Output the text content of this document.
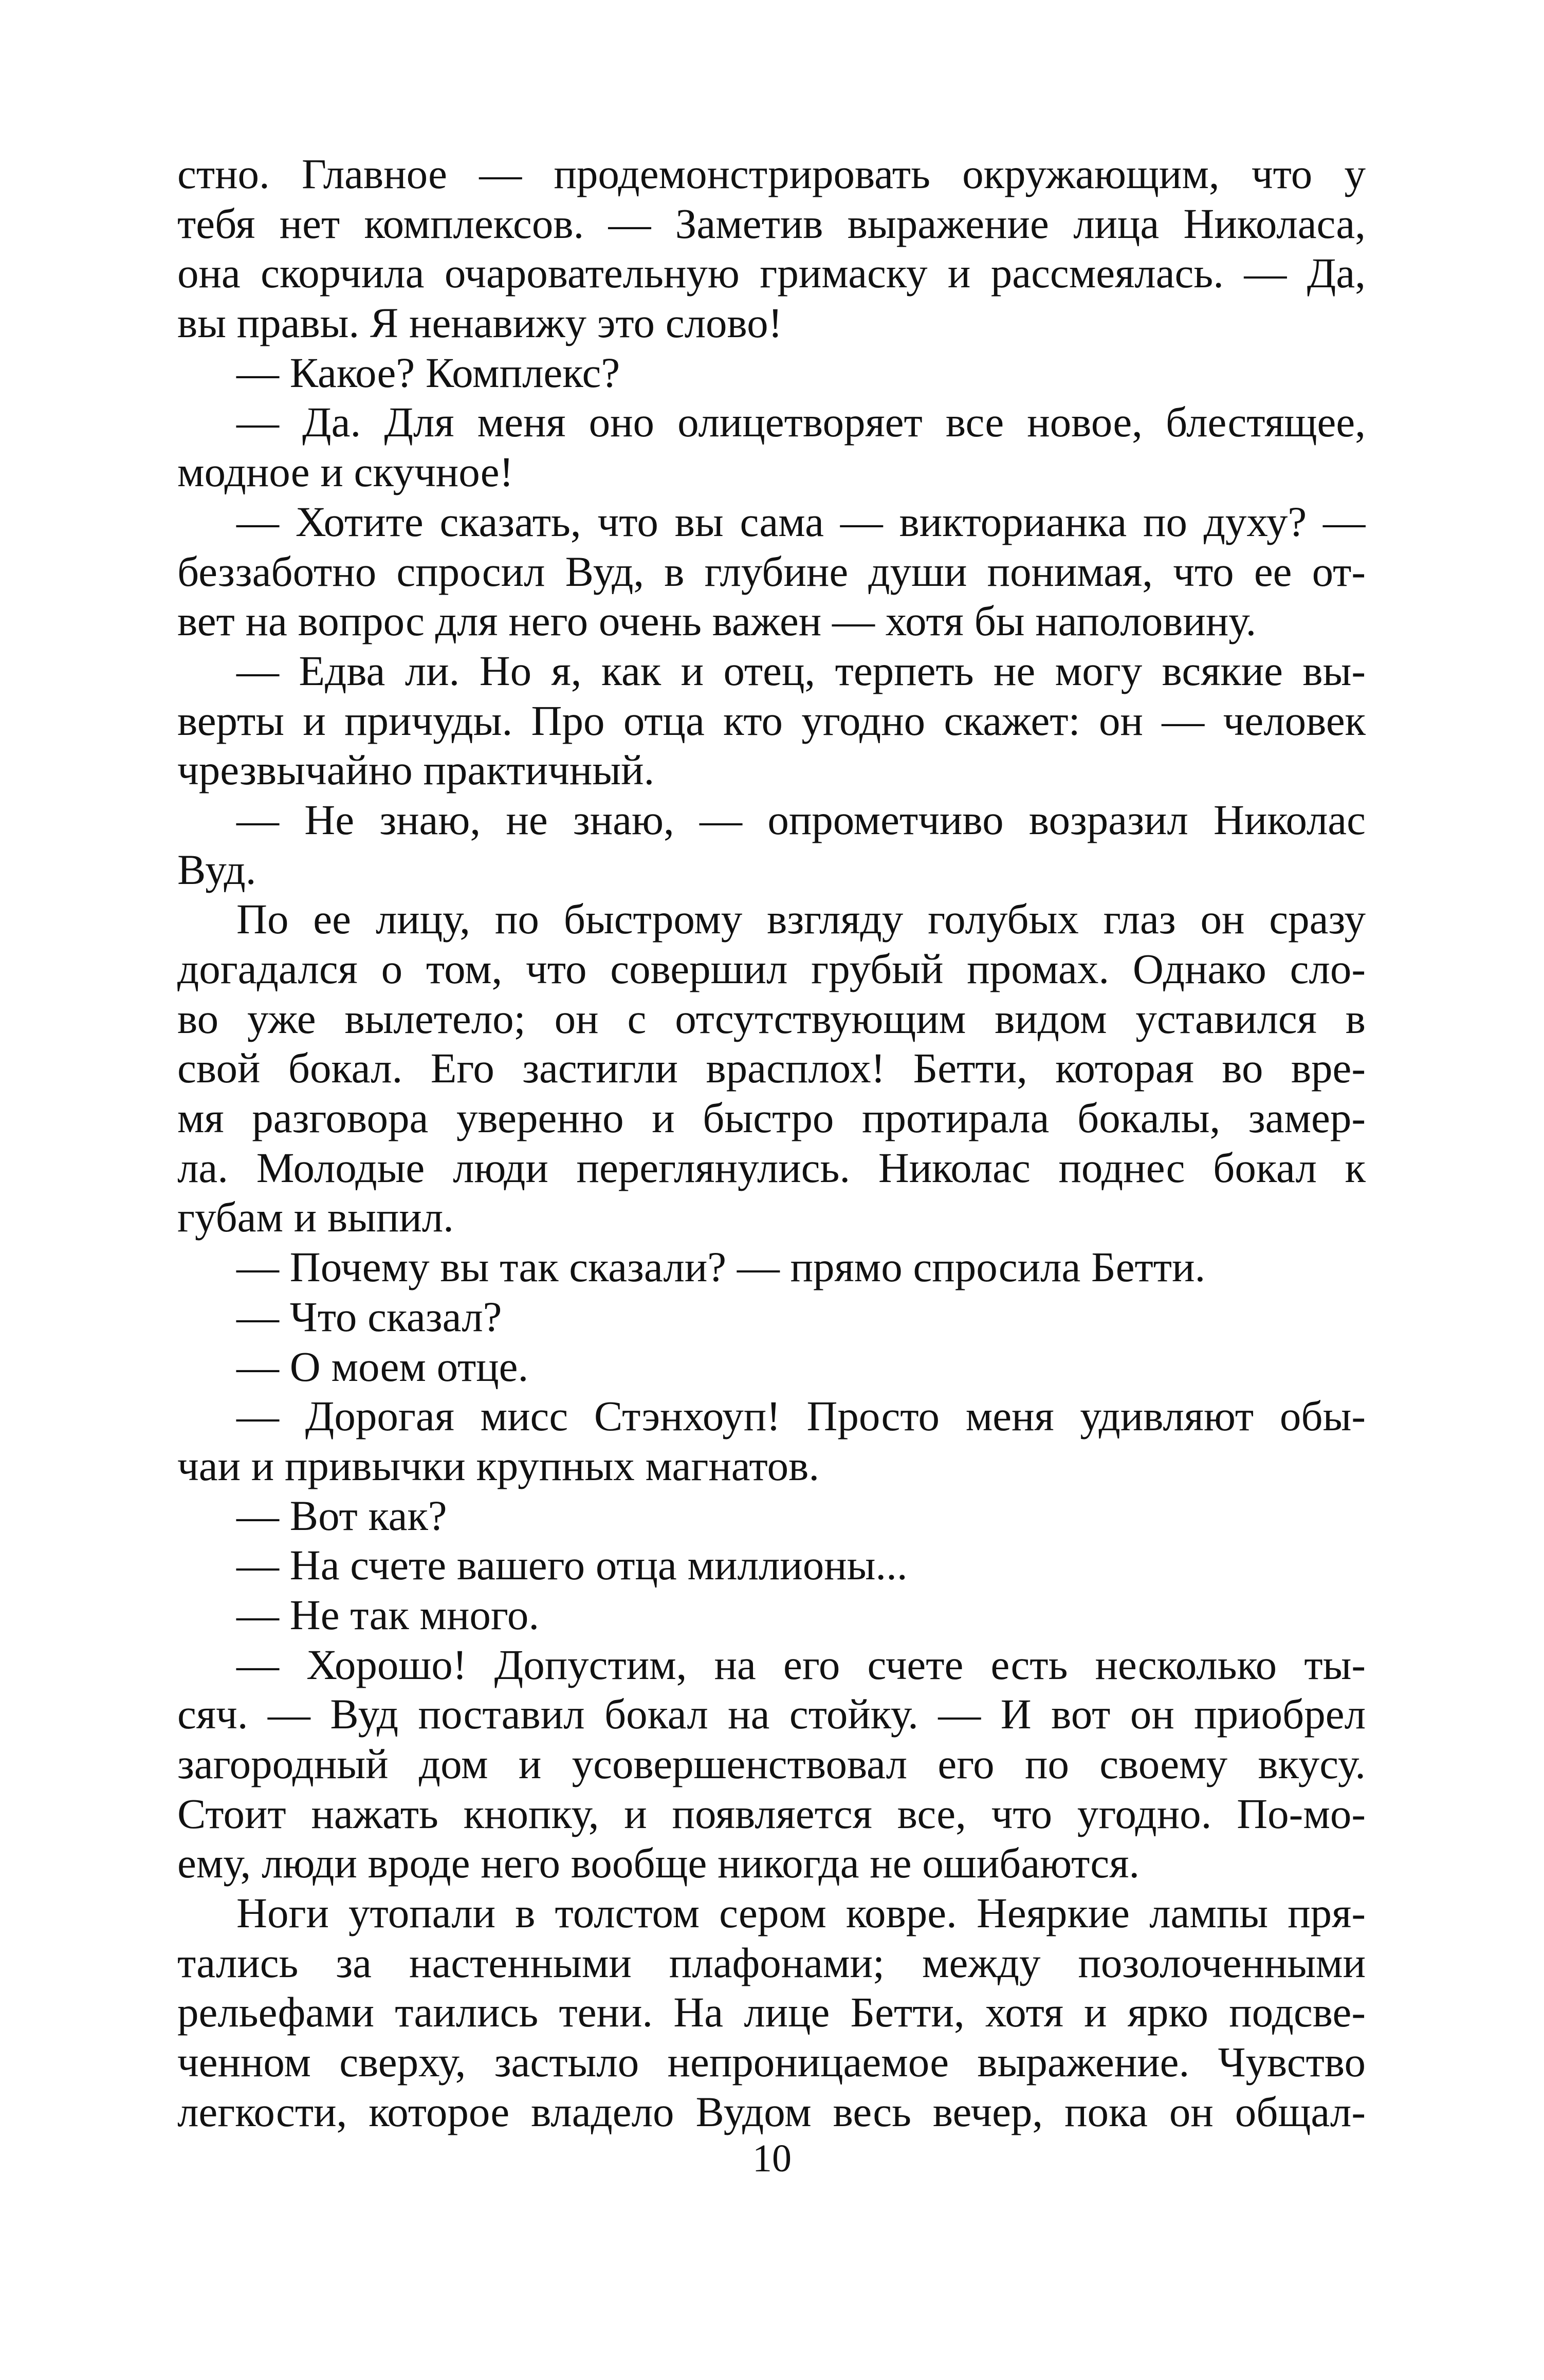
стно. Главное — продемонстрировать окружающим, что у
тебя нет комплексов. — Заметив выражение лица Николаса,
она скорчила очаровательную гримаску и рассмеялась. — Да,
вы правы. Я ненавижу это слово!
— Какое? Комплекс?
— Да. Для меня оно олицетворяет все новое, блестящее,
модное и скучное!
— Хотите сказать, что вы сама — викторианка по духу? —
беззаботно спросил Вуд, в глубине души понимая, что ее от-
вет на вопрос для него очень важен — хотя бы наполовину.
— Едва ли. Но я, как и отец, терпеть не могу всякие вы-
верты и причуды. Про отца кто угодно скажет: он — человек
чрезвычайно практичный.
— Не знаю, не знаю, — опрометчиво возразил Николас
Вуд.
По ее лицу, по быстрому взгляду голубых глаз он сразу
догадался о том, что совершил грубый промах. Однако сло-
во уже вылетело; он с отсутствующим видом уставился в
свой бокал. Его застигли врасплох! Бетти, которая во вре-
мя разговора уверенно и быстро протирала бокалы, замер-
ла. Молодые люди переглянулись. Николас поднес бокал к
губам и выпил.
— Почему вы так сказали? — прямо спросила Бетти.
— Что сказал?
— О моем отце.
— Дорогая мисс Стэнхоуп! Просто меня удивляют обы-
чаи и привычки крупных магнатов.
— Вот как?
— На счете вашего отца миллионы...
— Не так много.
— Хорошо! Допустим, на его счете есть несколько ты-
сяч. — Вуд поставил бокал на стойку. — И вот он приобрел
загородный дом и усовершенствовал его по своему вкусу.
Стоит нажать кнопку, и появляется все, что угодно. По-мо-
ему, люди вроде него вообще никогда не ошибаются.
Ноги утопали в толстом сером ковре. Неяркие лампы пря-
тались за настенными плафонами; между позолоченными
рельефами таились тени. На лице Бетти, хотя и ярко подсве-
ченном сверху, застыло непроницаемое выражение. Чувство
легкости, которое владело Вудом весь вечер, пока он общал-
10
